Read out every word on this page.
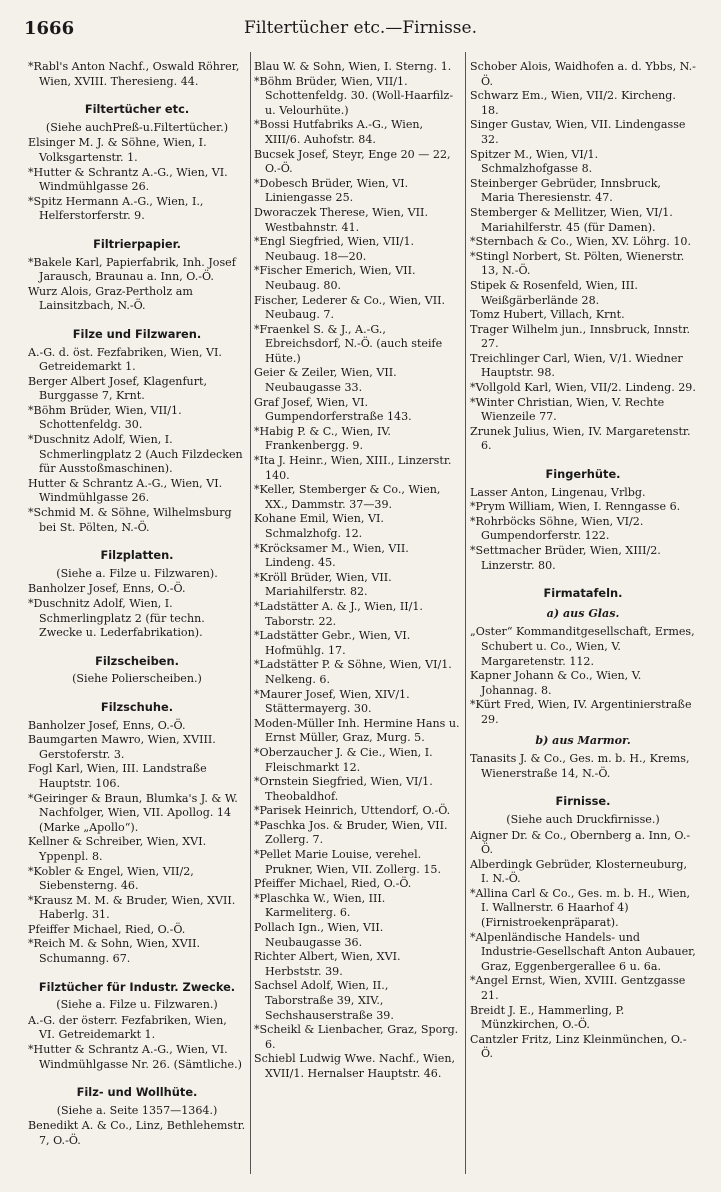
1666	Filtertücher etc.—Firnisse.

*Rabl's Anton Nachf., Oswald Röhrer, Wien, XVIII. Theresieng. 44.

Filtertücher etc.

(Siehe auchPreß-u.Filtertücher.)

Elsinger M. J. & Söhne, Wien, I. Volksgartenstr. 1.

*Hutter & Schrantz A.-G., Wien, VI. Windmühlgasse 26.

*Spitz Hermann A.-G., Wien, I., Helferstorferstr. 9.

Filtrierpapier.

*Bakele Karl, Papierfabrik, Inh. Josef Jarausch, Braunau a. Inn, O.-Ö.

Wurz Alois, Graz-Pertholz am Lainsitzbach, N.-Ö.

Filze und Filzwaren.

A.-G. d. öst. Fezfabriken, Wien, VI. Getreidemarkt 1.

Berger Albert Josef, Klagenfurt, Burggasse 7, Krnt.

*Böhm Brüder, Wien, VII/1. Schottenfeldg. 30.

*Duschnitz Adolf, Wien, I. Schmerlingplatz 2 (Auch Filzdecken für Ausstoßmaschinen).

Hutter & Schrantz A.-G., Wien, VI. Windmühlgasse 26.

*Schmid M. & Söhne, Wilhelmsburg bei St. Pölten, N.-Ö.

Filzplatten.

(Siehe a. Filze u. Filzwaren).

Banholzer Josef, Enns, O.-Ö.

*Duschnitz Adolf, Wien, I. Schmerlingplatz 2 (für techn. Zwecke u. Lederfabrikation).

Filzscheiben.

(Siehe Polierscheiben.)

Filzschuhe.

Banholzer Josef, Enns, O.-Ö.

Baumgarten Mawro, Wien, XVIII. Gerstoferstr. 3.

Fogl Karl, Wien, III. Landstraße Hauptstr. 106.

*Geiringer & Braun, Blumka's J. & W. Nachfolger, Wien, VII. Apollog. 14 (Marke „Apollo“).

Kellner & Schreiber, Wien, XVI. Yppenpl. 8.

*Kobler & Engel, Wien, VII/2, Siebensterng. 46.

*Krausz M. M. & Bruder, Wien, XVII. Haberlg. 31.

Pfeiffer Michael, Ried, O.-Ö.

*Reich M. & Sohn, Wien, XVII. Schumanng. 67.

Filztücher für Industr. Zwecke.

(Siehe a. Filze u. Filzwaren.)

A.-G. der österr. Fezfabriken, Wien, VI. Getreidemarkt 1.

*Hutter & Schrantz A.-G., Wien, VI. Windmühlgasse Nr. 26. (Sämtliche.)

Filz- und Wollhüte.

(Siehe a. Seite 1357—1364.)

Benedikt A. & Co., Linz, Bethlehemstr. 7, O.-Ö.

Blau W. & Sohn, Wien, I. Sterng. 1.

*Böhm Brüder, Wien, VII/1. Schottenfeldg. 30. (Woll-Haarfilz- u. Velourhüte.)

*Bossi Hutfabriks A.-G., Wien, XIII/6. Auhofstr. 84.

Bucsek Josef, Steyr, Enge 20 — 22, O.-Ö.

*Dobesch Brüder, Wien, VI. Liniengasse 25.

Dworaczek Therese, Wien, VII. Westbahnstr. 41.

*Engl Siegfried, Wien, VII/1. Neubaug. 18—20.

*Fischer Emerich, Wien, VII. Neubaug. 80.

Fischer, Lederer & Co., Wien, VII. Neubaug. 7.

*Fraenkel S. & J., A.-G., Ebreichsdorf, N.-Ö. (auch steife Hüte.)

Geier & Zeiler, Wien, VII. Neubaugasse 33.

Graf Josef, Wien, VI. Gumpendorferstraße 143.

*Habig P. & C., Wien, IV. Frankenbergg. 9.

*Ita J. Heinr., Wien, XIII., Linzerstr. 140.

*Keller, Stemberger & Co., Wien, XX., Dammstr. 37—39.

Kohane Emil, Wien, VI. Schmalzhofg. 12.

*Kröcksamer M., Wien, VII. Lindeng. 45.

*Kröll Brüder, Wien, VII. Mariahilferstr. 82.

*Ladstätter A. & J., Wien, II/1. Taborstr. 22.

*Ladstätter Gebr., Wien, VI. Hofmühlg. 17.

*Ladstätter P. & Söhne, Wien, VI/1. Nelkeng. 6.

*Maurer Josef, Wien, XIV/1. Stättermayerg. 30.

Moden-Müller Inh. Hermine Hans u. Ernst Müller, Graz, Murg. 5.

*Oberzaucher J. & Cie., Wien, I. Fleischmarkt 12.

*Ornstein Siegfried, Wien, VI/1. Theobaldhof.

*Parisek Heinrich, Uttendorf, O.-Ö.

*Paschka Jos. & Bruder, Wien, VII. Zollerg. 7.

*Pellet Marie Louise, verehel. Prukner, Wien, VII. Zollerg. 15.

Pfeiffer Michael, Ried, O.-Ö.

*Plaschka W., Wien, III. Karmeliterg. 6.

Pollach Ign., Wien, VII. Neubaugasse 36.

Richter Albert, Wien, XVI. Herbststr. 39.

Sachsel Adolf, Wien, II., Taborstraße 39, XIV., Sechshauserstraße 39.

*Scheikl & Lienbacher, Graz, Sporg. 6.

Schiebl Ludwig Wwe. Nachf., Wien, XVII/1. Hernalser Hauptstr. 46.

Schober Alois, Waidhofen a. d. Ybbs, N.-Ö.

Schwarz Em., Wien, VII/2. Kircheng. 18.

Singer Gustav, Wien, VII. Lindengasse 32.

Spitzer M., Wien, VI/1. Schmalzhofgasse 8.

Steinberger Gebrüder, Innsbruck, Maria Theresienstr. 47.

Stemberger & Mellitzer, Wien, VI/1. Mariahilferstr. 45 (für Damen).

*Sternbach & Co., Wien, XV. Löhrg. 10.

*Stingl Norbert, St. Pölten, Wienerstr. 13, N.-Ö.

Stipek & Rosenfeld, Wien, III. Weißgärberlände 28.

Tomz Hubert, Villach, Krnt.

Trager Wilhelm jun., Innsbruck, Innstr. 27.

Treichlinger Carl, Wien, V/1. Wiedner Hauptstr. 98.

*Vollgold Karl, Wien, VII/2. Lindeng. 29.

*Winter Christian, Wien, V. Rechte Wienzeile 77.

Zrunek Julius, Wien, IV. Margaretenstr. 6.

Fingerhüte.

Lasser Anton, Lingenau, Vrlbg.

*Prym William, Wien, I. Renngasse 6.

*Rohrböcks Söhne, Wien, VI/2. Gumpendorferstr. 122.

*Settmacher Brüder, Wien, XIII/2. Linzerstr. 80.

Firmatafeln.

a) aus Glas.

„Oster“ Kommanditgesellschaft, Ermes, Schubert u. Co., Wien, V. Margaretenstr. 112.

Kapner Johann & Co., Wien, V. Johannag. 8.

*Kürt Fred, Wien, IV. Argentinierstraße 29.

b) aus Marmor.

Tanasits J. & Co., Ges. m. b. H., Krems, Wienerstraße 14, N.-Ö.

Firnisse.

(Siehe auch Druckfirnisse.)

Aigner Dr. & Co., Obernberg a. Inn, O.-Ö.

Alberdingk Gebrüder, Klosterneuburg, I. N.-Ö.

*Allina Carl & Co., Ges. m. b. H., Wien, I. Wallnerstr. 6 Haarhof 4) (Firnistroekenpräparat).

*Alpenländische Handels- und Industrie-Gesellschaft Anton Aubauer, Graz, Eggenbergerallee 6 u. 6a.

*Angel Ernst, Wien, XVIII. Gentzgasse 21.

Breidt J. E., Hammerling, P. Münzkirchen, O.-Ö.

Cantzler Fritz, Linz Kleinmünchen, O.-Ö.
